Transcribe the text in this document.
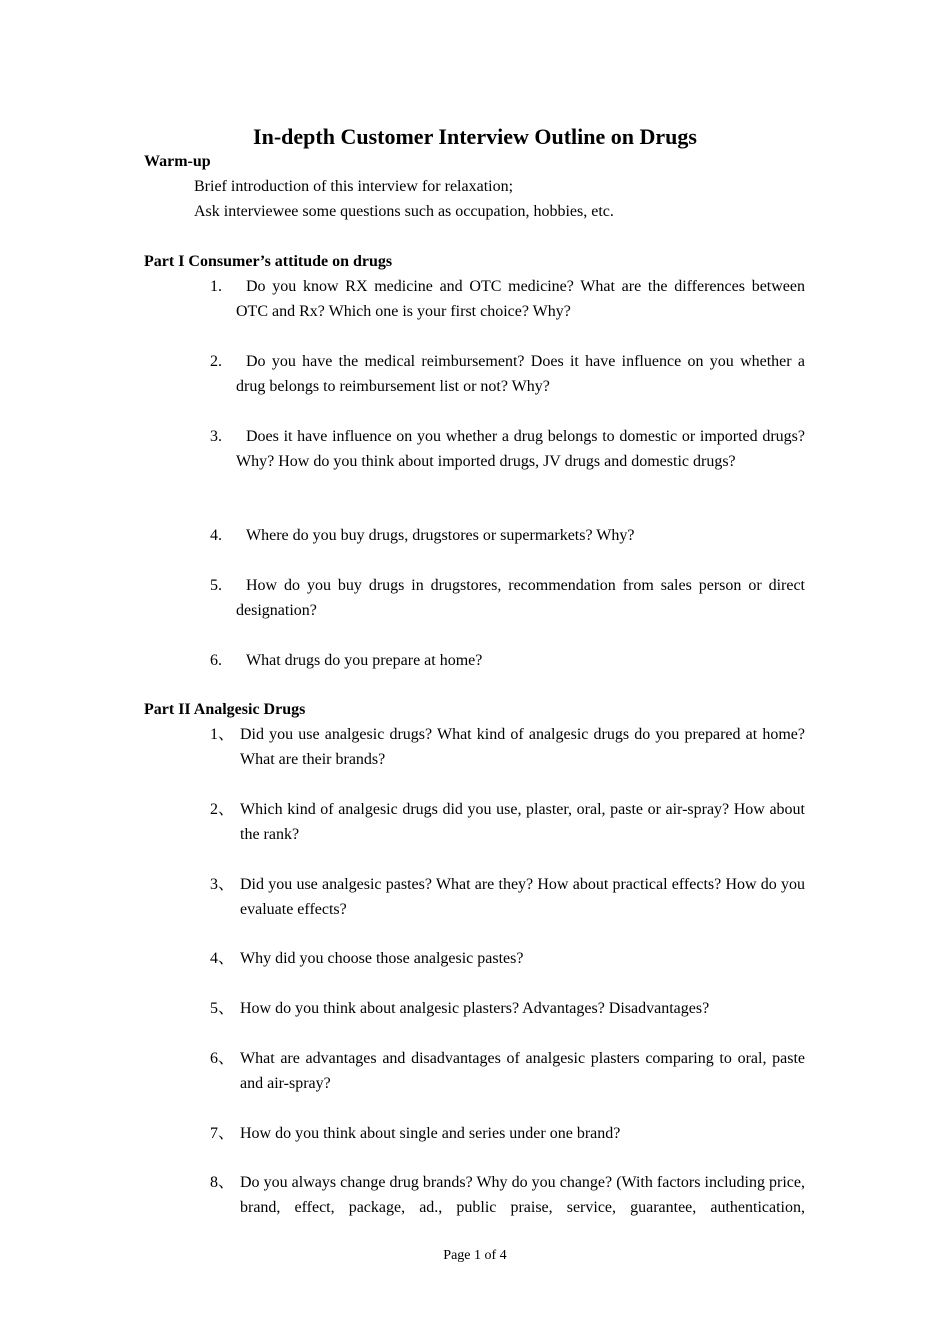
In-depth Customer Interview Outline on Drugs
Warm-up
Brief introduction of this interview for relaxation;
Ask interviewee some questions such as occupation, hobbies, etc.
Part I Consumer’s attitude on drugs
1.	Do you know RX medicine and OTC medicine? What are the differences between OTC and Rx? Which one is your first choice? Why?
2.	Do you have the medical reimbursement? Does it have influence on you whether a drug belongs to reimbursement list or not? Why?
3.	Does it have influence on you whether a drug belongs to domestic or imported drugs? Why? How do you think about imported drugs, JV drugs and domestic drugs?
4.	Where do you buy drugs, drugstores or supermarkets? Why?
5.	How do you buy drugs in drugstores, recommendation from sales person or direct designation?
6.	What drugs do you prepare at home?
Part II Analgesic Drugs
1、 Did you use analgesic drugs? What kind of analgesic drugs do you prepared at home? What are their brands?
2、 Which kind of analgesic drugs did you use, plaster, oral, paste or air-spray? How about the rank?
3、 Did you use analgesic pastes? What are they? How about practical effects? How do you evaluate effects?
4、 Why did you choose those analgesic pastes?
5、 How do you think about analgesic plasters? Advantages? Disadvantages?
6、 What are advantages and disadvantages of analgesic plasters comparing to oral, paste and air-spray?
7、 How do you think about single and series under one brand?
8、 Do you always change drug brands? Why do you change? (With factors including price, brand, effect, package, ad., public praise, service, guarantee, authentication,
Page 1 of 4
